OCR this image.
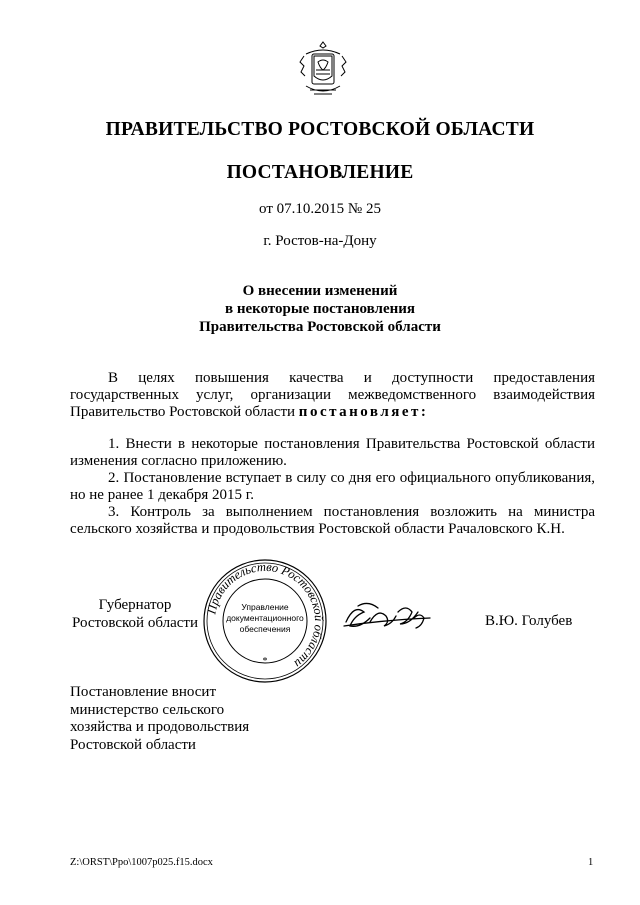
ПРАВИТЕЛЬСТВО РОСТОВСКОЙ ОБЛАСТИ
ПОСТАНОВЛЕНИЕ
от 07.10.2015 № 25
г. Ростов-на-Дону
О внесении изменений
в некоторые постановления
Правительства Ростовской области
В целях повышения качества и доступности предоставления
государственных услуг, организации межведомственного взаимодействия
Правительство Ростовской области постановляет:
1. Внести в некоторые постановления Правительства Ростовской области
изменения согласно приложению.
2. Постановление вступает в силу со дня его официального опубликования,
но не ранее 1 декабря 2015 г.
3. Контроль за выполнением постановления возложить на министра
сельского хозяйства и продовольствия Ростовской области Рачаловского К.Н.
Губернатор
Ростовской области
Правительство Ростовской области
Управление
документационного
обеспечения
*
В.Ю. Голубев
Постановление вносит
министерство сельского
хозяйства и продовольствия
Ростовской области
Z:\ORST\Ppo\1007p025.f15.docx	1
